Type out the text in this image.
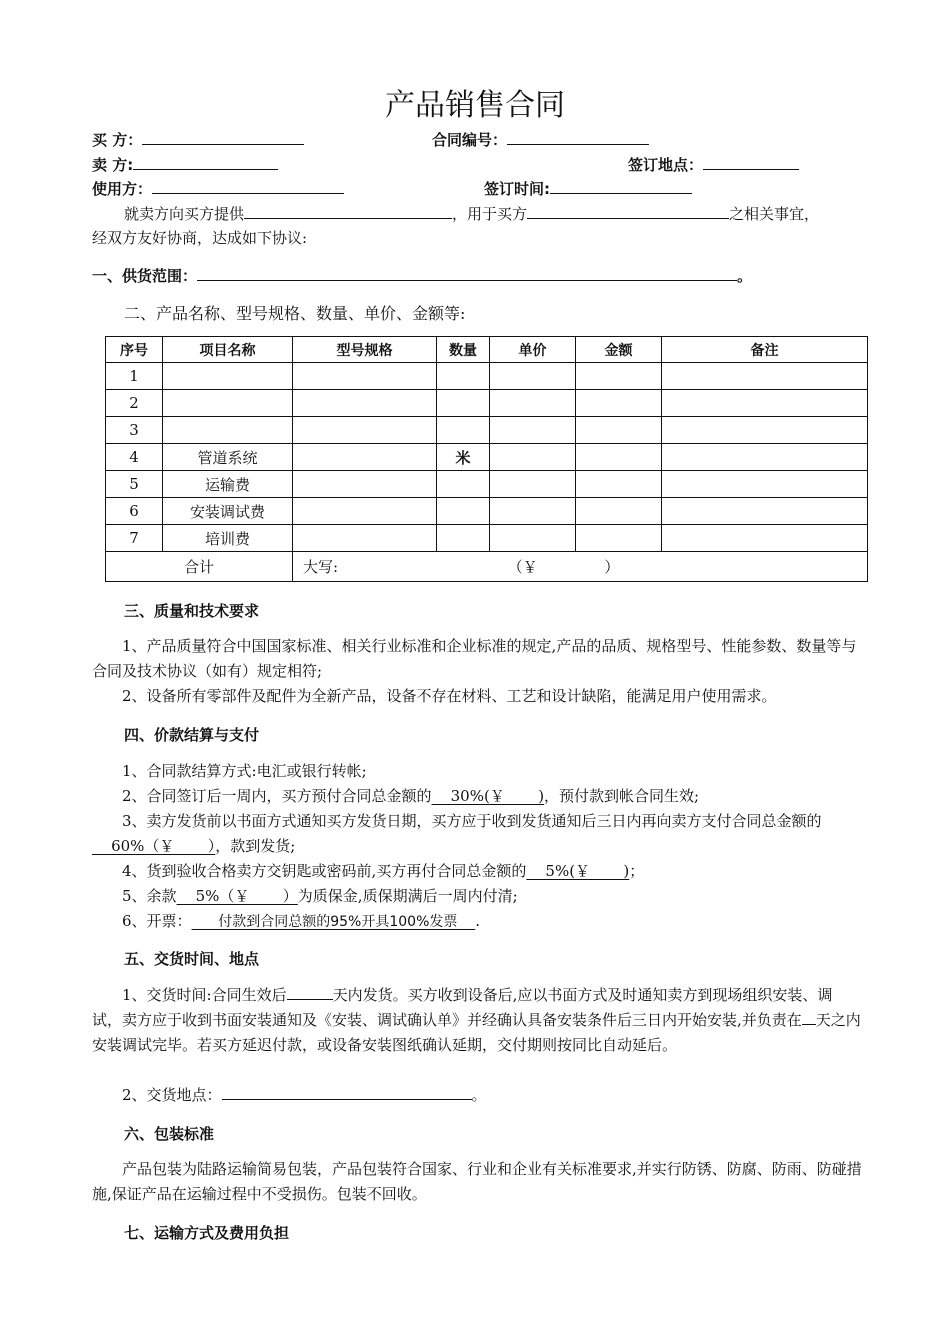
产品销售合同
买 方：	合同编号：
卖 方:	签订地点：
使用方：	签订时间:
就卖方向买方提供	，用于买方	之相关事宜，
经双方友好协商，达成如下协议:
一、供货范围：	。
二、产品名称、型号规格、数量、单价、金额等:
序号	项目名称	型号规格	数量	单价	金额	备注
1						
2						
3						
4	管道系统		米			
5	运输费					
6	安装调试费					
7	培训费					
合计		大写: （￥              ）				
三、质量和技术要求
1、产品质量符合中国国家标准、相关行业标准和企业标准的规定,产品的品质、规格型号、性能参数、数量等与合同及技术协议（如有）规定相符;
2、设备所有零部件及配件为全新产品，设备不存在材料、工艺和设计缺陷，能满足用户使用需求。
四、价款结算与支付
1、合同款结算方式:电汇或银行转帐;
2、合同签订后一周内，买方预付合同总金额的    30%(￥       )，预付款到帐合同生效;
3、卖方发货前以书面方式通知买方发货日期，买方应于收到发货通知后三日内再向卖方支付合同总金额的    60%（￥       ），款到发货;
4、货到验收合格卖方交钥匙或密码前,买方再付合同总金额的    5%(￥       )；
5、余款    5%（￥       ）为质保金,质保期满后一周内付清;
6、开票：      付款到合同总额的95%开具100%发票    .
五、交货时间、地点
1、交货时间:合同生效后	天内发货。买方收到设备后,应以书面方式及时通知卖方到现场组织安装、调试，卖方应于收到书面安装通知及《安装、调试确认单》并经确认具备安装条件后三日内开始安装,并负责在 天之内安装调试完毕。若买方延迟付款，或设备安装图纸确认延期，交付期则按同比自动延后。
2、交货地点：	。
六、包装标准
产品包装为陆路运输简易包装，产品包装符合国家、行业和企业有关标准要求,并实行防锈、防腐、防雨、防碰措施,保证产品在运输过程中不受损伤。包装不回收。
七、运输方式及费用负担
